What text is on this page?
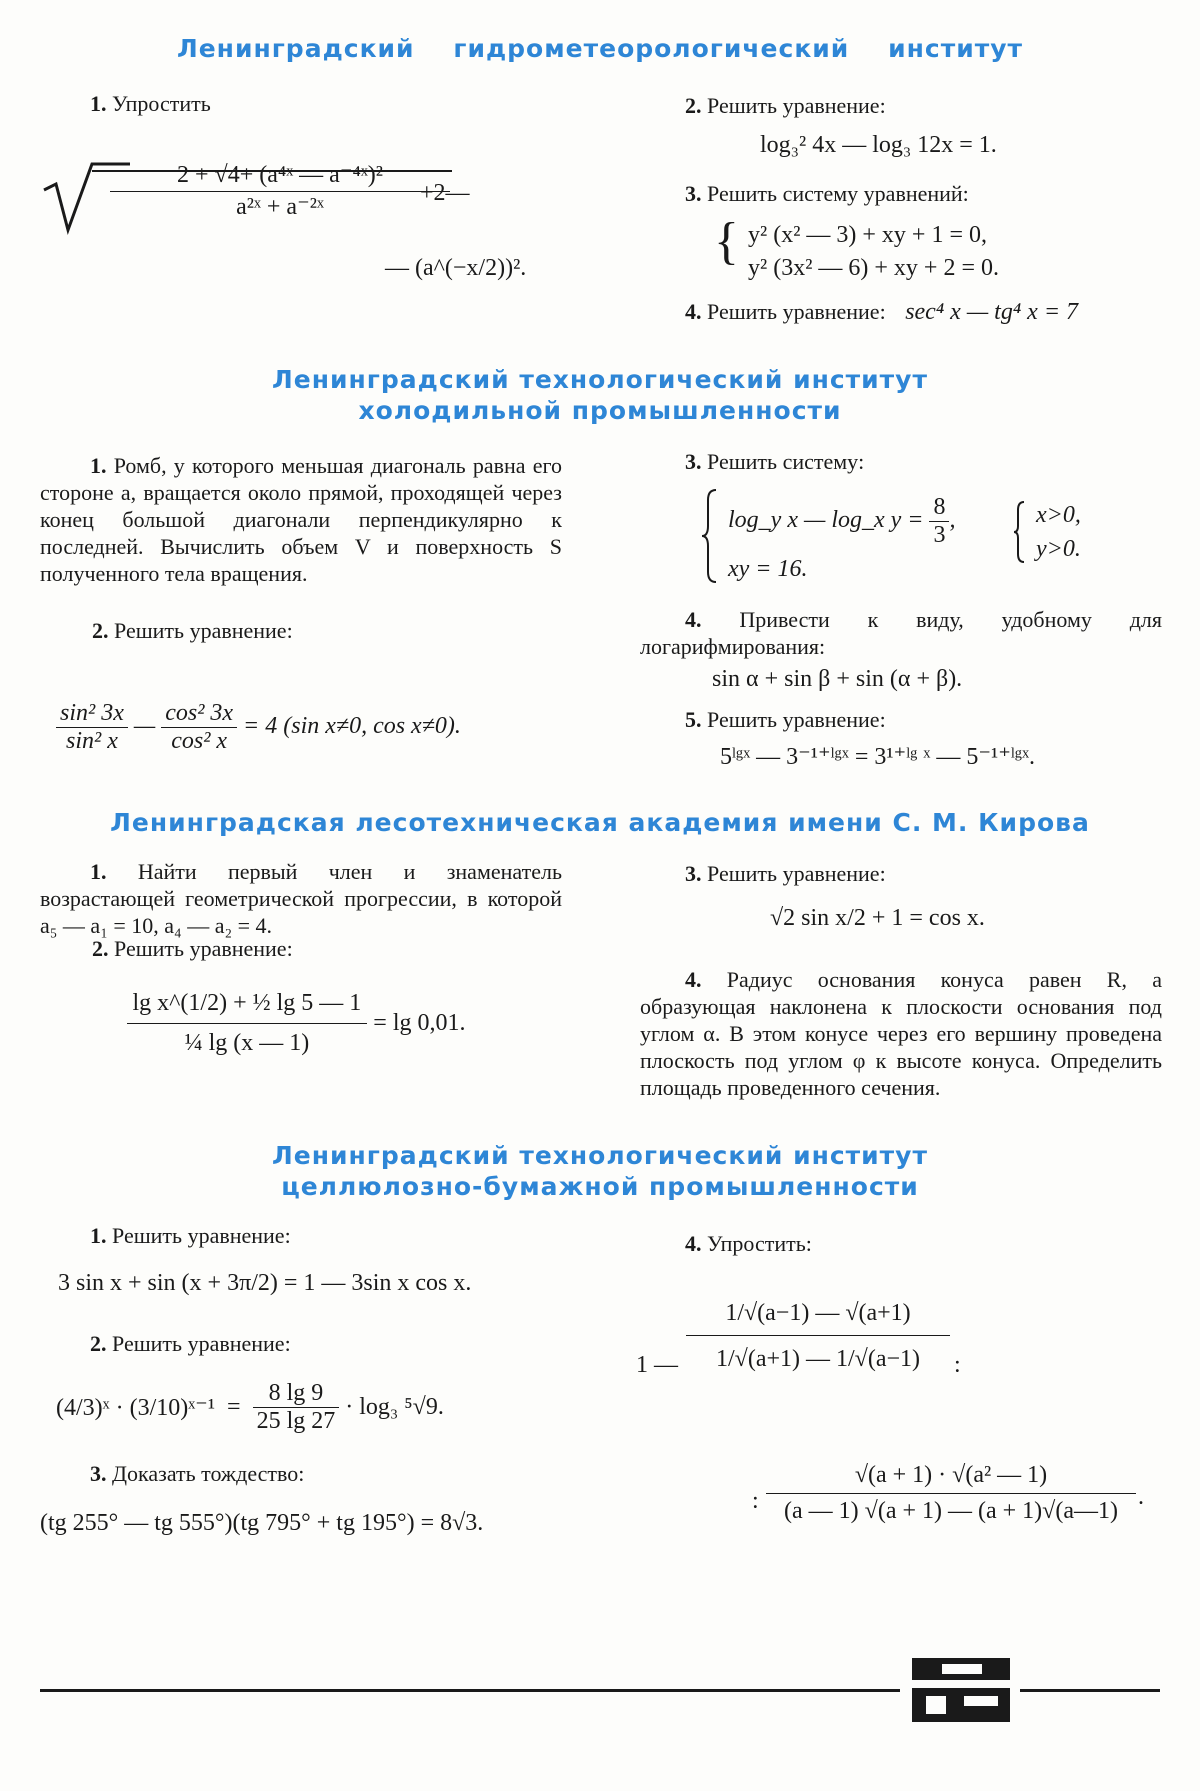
Ленинградский    гидрометеорологический    институт
1. Упростить
$\frac{\text{2 + √4+ (a⁴ˣ — a⁻⁴ˣ)²}}{\text{a²ˣ + a⁻²ˣ}}$
+2—
— (a^(−x/2))².
2. Решить уравнение:
log₃² 4x — log₃ 12x = 1.
3. Решить систему уравнений:
{ y² (x² — 3) + xy + 1 = 0,
y² (3x² — 6) + xy + 2 = 0.
4. Решить уравнение: sec⁴ x — tg⁴ x = 7
Ленинградский технологический институт
холодильной промышленности
1. Ромб, у которого меньшая диагональ равна его стороне a, вращается около прямой, проходящей через конец большой диагонали перпендикулярно к последней. Вычислить объем V и поверхность S полученного тела вращения.
2. Решить уравнение:
$\frac{\text{sin² 3x}}{\text{sin² x}}$ — $\frac{\text{cos² 3x}}{\text{cos² x}} = 4$ (sin x≠0, cos x≠0).
3. Решить системy:
log_y x — log_x $y = \frac{8}{3}$ ,
xy = 16.
x>0,
y>0.
4. Привести к виду, удобному для логарифмирования:
sin α + sin β + sin (α + β).
5. Решить уравнение:
5ˡᵍˣ — 3⁻¹⁺ˡᵍˣ = 3¹⁺ˡᵍ ˣ — 5⁻¹⁺ˡᵍˣ.
Ленинградская лесотехническая академия имени С. М. Кирова
1. Найти первый член и знаменатель возрастающей геометрической прогрессии, в которой a₅ — a₁ = 10, a₄ — a₂ = 4.
2. Решить уравнение:
$\frac{\text{lg x\textasciicircum{}(1/2) + ½ lg 5 — 1}}{\text{¼ lg (x — 1)}} = \lg 0,01$.
3. Решить уравнение:
√2 sin x/2 + 1 = cos x.
4. Радиус основания конуса равен R, а образующая наклонена к плоскости основания под углом α. В этом конусе через его вершину проведена плоскость под углом φ к высоте конуса. Определить площадь проведенного сечения.
Ленинградский технологический институт
целлюлозно-бумажной промышленности
1. Решить уравнение:
3 sin x + sin (x + 3π/2) = 1 — 3sin x cos x.
2. Решить уравнение:
(4/3)ˣ · (3/10)ˣ⁻¹  = $\frac{8 \lg 9}{25 \lg 27} \cdot \log_3$ ⁵√9.
3. Доказать тождество:
(tg 255° — tg 555°)(tg 795° + tg 195°) = 8√3.
4. Упростить:
1 — $\frac{1/√(a-1) — √(a+1)}{1/√(a+1) — 1/√(a-1)}$ :
: $\frac{\text{√(a + 1) · √(a² — 1)}}{(a — 1) √(a + 1) — (a + 1)√(a—1)}$ .
